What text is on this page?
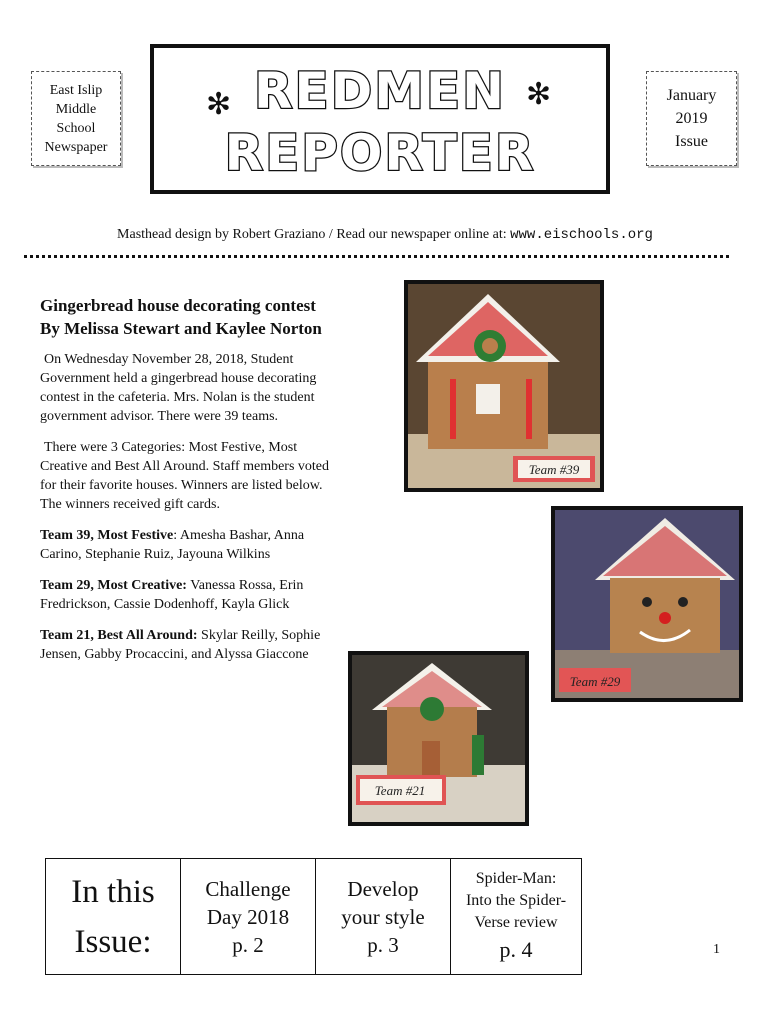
East Islip
Middle
School
Newspaper
✻	✻
REDMEN
REPORTER
January
2019
Issue
Masthead design by Robert Graziano / Read our newspaper online at: www.eischools.org
Gingerbread house decorating contest By Melissa Stewart and Kaylee Norton

On Wednesday November 28, 2018, Student Government held a gingerbread house decorating contest in the cafeteria. Mrs. Nolan is the student government advisor. There were 39 teams.

There were 3 Categories: Most Festive, Most Creative and Best All Around. Staff members voted for their favorite houses. Winners are listed below. The winners received gift cards.

Team 39, Most Festive: Amesha Bashar, Anna Carino, Stephanie Ruiz, Jayouna Wilkins

Team 29, Most Creative: Vanessa Rossa, Erin Fredrickson, Cassie Dodenhoff, Kayla Glick

Team 21, Best All Around: Skylar Reilly, Sophie Jensen, Gabby Procaccini, and Alyssa Giaccone

Team #39
Team #29
Team #21
In this
Issue:
Challenge
Day 2018
p. 2
Develop
your style
p. 3
Spider-Man:
Into the Spider-
Verse review
p. 4	1
